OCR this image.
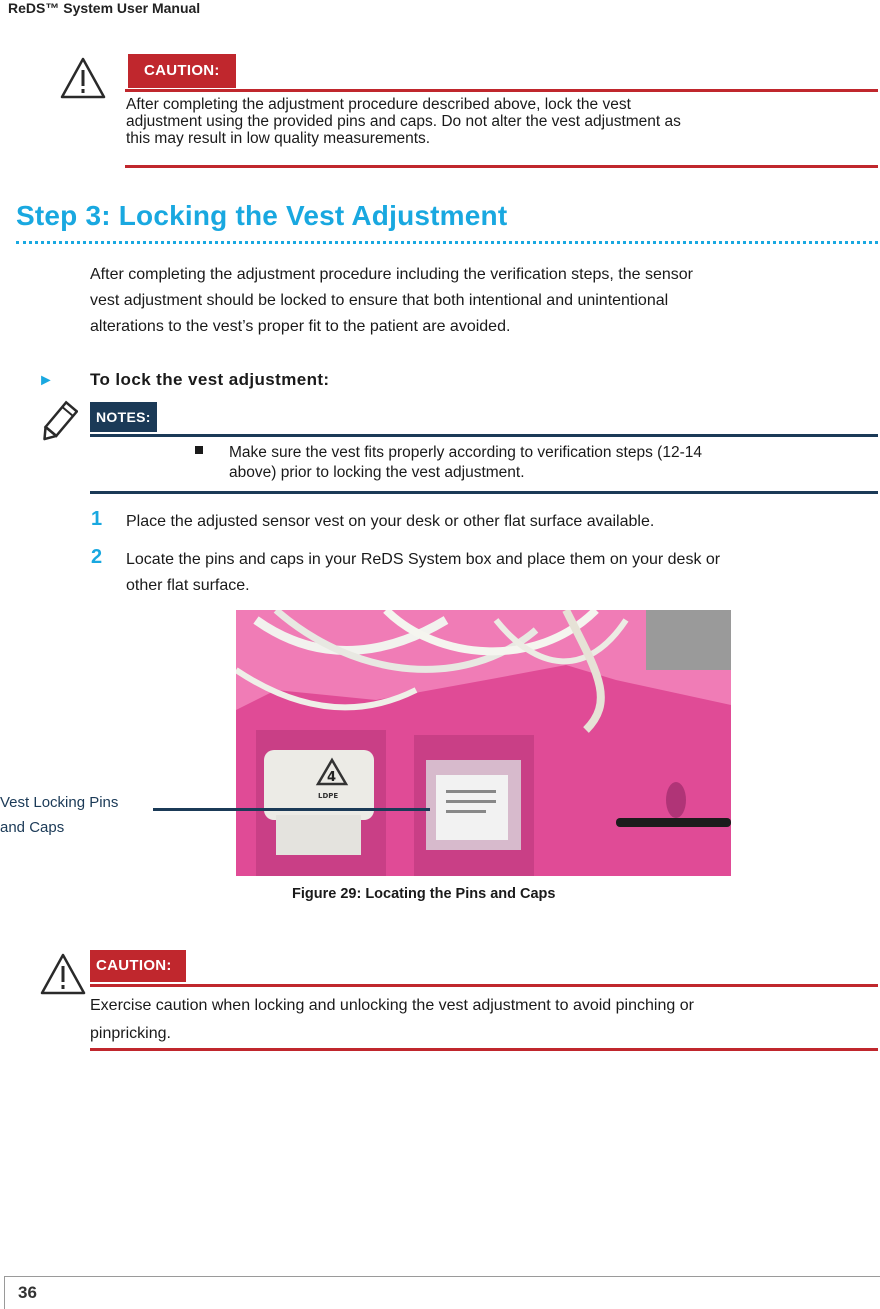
ReDS™ System User Manual
CAUTION:
After completing the adjustment procedure described above, lock the vest
adjustment using the provided pins and caps. Do not alter the vest adjustment as
this may result in low quality measurements.
Step 3: Locking the Vest Adjustment
After completing the adjustment procedure including the verification steps, the sensor
vest adjustment should be locked to ensure that both intentional and unintentional
alterations to the vest’s proper fit to the patient are avoided.
► To lock the vest adjustment:
NOTES:
Make sure the vest fits properly according to verification steps (12-14
above) prior to locking the vest adjustment.
1 Place the adjusted sensor vest on your desk or other flat surface available.
2 Locate the pins and caps in your ReDS System box and place them on your desk or
other flat surface.
4
LDPE
Vest Locking Pins
and Caps
Figure 29: Locating the Pins and Caps
CAUTION:
Exercise caution when locking and unlocking the vest adjustment to avoid pinching or
pinpricking.
36
